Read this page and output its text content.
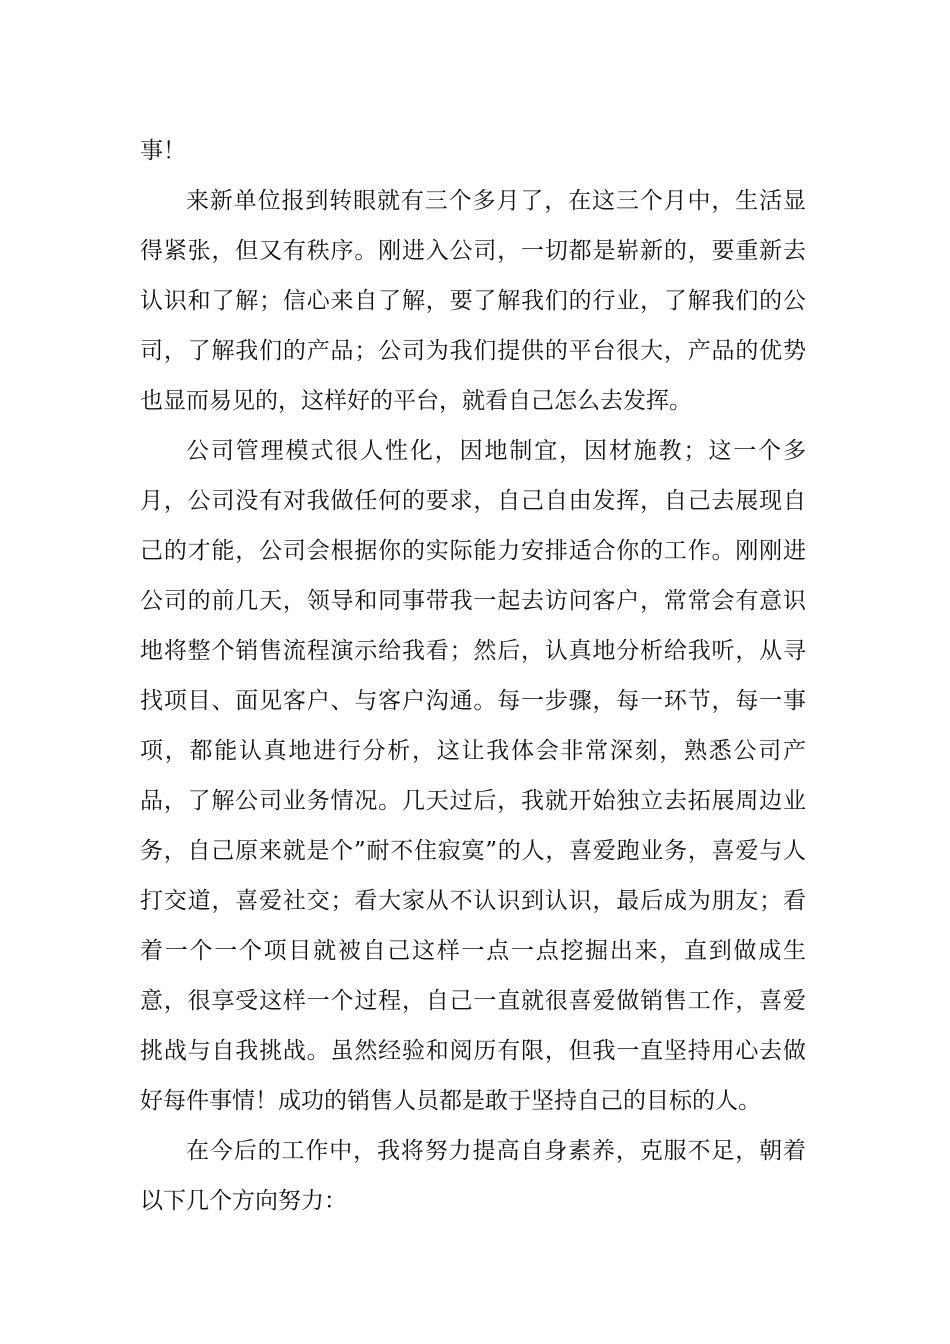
事！

来新单位报到转眼就有三个多月了，在这三个月中，生活显得紧张，但又有秩序。刚进入公司，一切都是崭新的，要重新去认识和了解；信心来自了解，要了解我们的行业，了解我们的公司，了解我们的产品；公司为我们提供的平台很大，产品的优势也显而易见的，这样好的平台，就看自己怎么去发挥。

公司管理模式很人性化，因地制宜，因材施教；这一个多月，公司没有对我做任何的要求，自己自由发挥，自己去展现自己的才能，公司会根据你的实际能力安排适合你的工作。刚刚进公司的前几天，领导和同事带我一起去访问客户，常常会有意识地将整个销售流程演示给我看；然后，认真地分析给我听，从寻找项目、面见客户、与客户沟通。每一步骤，每一环节，每一事项，都能认真地进行分析，这让我体会非常深刻，熟悉公司产品，了解公司业务情况。几天过后，我就开始独立去拓展周边业务，自己原来就是个”耐不住寂寞”的人，喜爱跑业务，喜爱与人打交道，喜爱社交；看大家从不认识到认识，最后成为朋友；看着一个一个项目就被自己这样一点一点挖掘出来，直到做成生意，很享受这样一个过程，自己一直就很喜爱做销售工作，喜爱挑战与自我挑战。虽然经验和阅历有限，但我一直坚持用心去做好每件事情！成功的销售人员都是敢于坚持自己的目标的人。

在今后的工作中，我将努力提高自身素养，克服不足，朝着以下几个方向努力：
